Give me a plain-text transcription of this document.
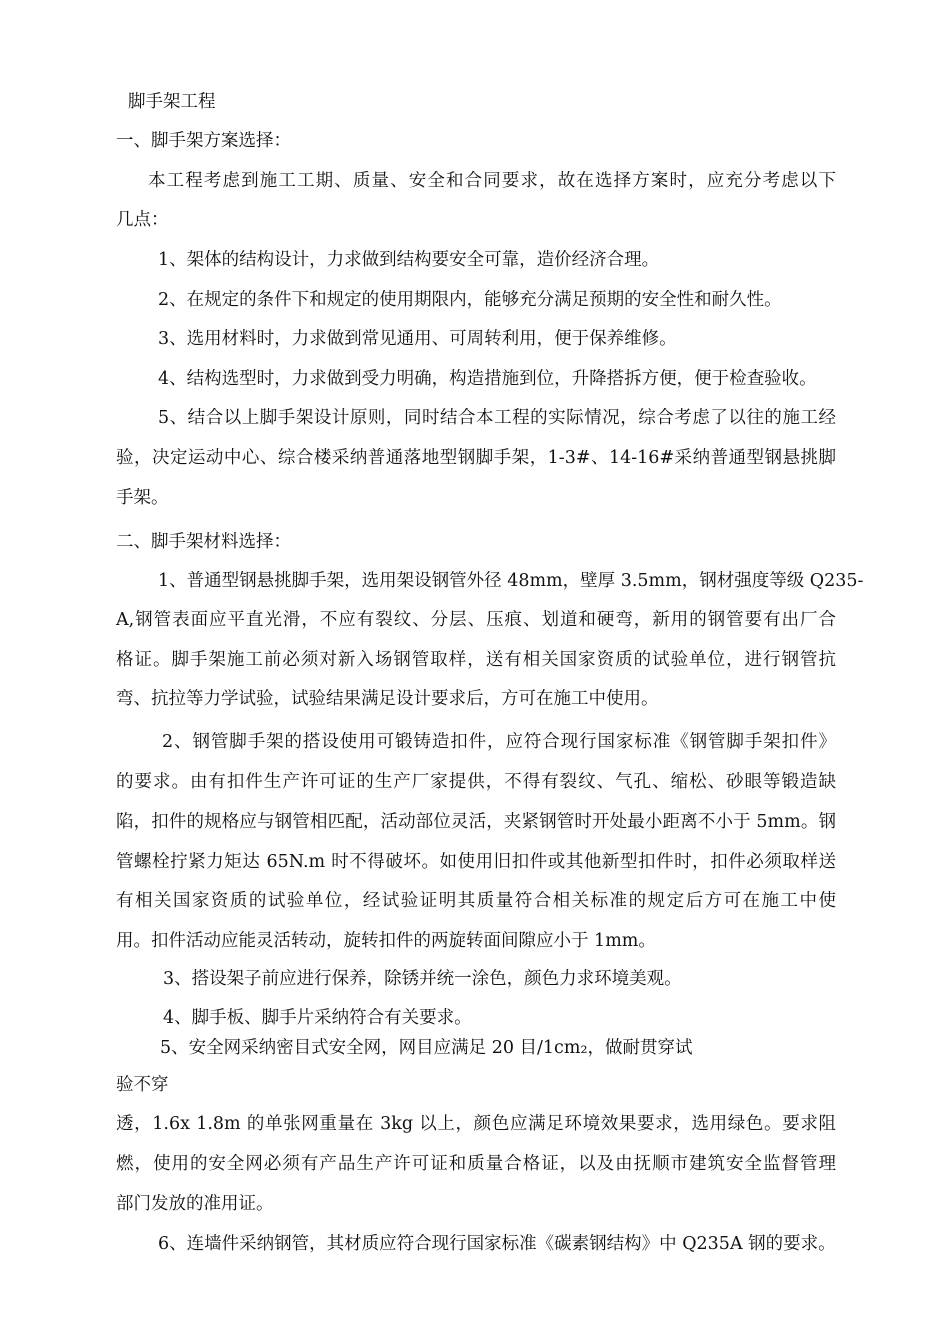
脚手架工程
一、脚手架方案选择：
本工程考虑到施工工期、质量、安全和合同要求，故在选择方案时，应充分考虑以下
几点：
1、架体的结构设计，力求做到结构要安全可靠，造价经济合理。
2、在规定的条件下和规定的使用期限内，能够充分满足预期的安全性和耐久性。
3、选用材料时，力求做到常见通用、可周转利用，便于保养维修。
4、结构选型时，力求做到受力明确，构造措施到位，升降搭拆方便，便于检查验收。
5、结合以上脚手架设计原则，同时结合本工程的实际情况，综合考虑了以往的施工经
验，决定运动中心、综合楼采纳普通落地型钢脚手架，1-3#、14-16#采纳普通型钢悬挑脚
手架。
二、脚手架材料选择：
1、普通型钢悬挑脚手架，选用架设钢管外径 48mm，壁厚 3.5mm，钢材强度等级 Q235-
A,钢管表面应平直光滑，不应有裂纹、分层、压痕、划道和硬弯，新用的钢管要有出厂合
格证。脚手架施工前必须对新入场钢管取样，送有相关国家资质的试验单位，进行钢管抗
弯、抗拉等力学试验，试验结果满足设计要求后，方可在施工中使用。
2、钢管脚手架的搭设使用可锻铸造扣件，应符合现行国家标准《钢管脚手架扣件》
的要求。由有扣件生产许可证的生产厂家提供，不得有裂纹、气孔、缩松、砂眼等锻造缺
陷，扣件的规格应与钢管相匹配，活动部位灵活，夹紧钢管时开处最小距离不小于 5mm。钢
管螺栓拧紧力矩达 65N.m 时不得破坏。如使用旧扣件或其他新型扣件时，扣件必须取样送
有相关国家资质的试验单位，经试验证明其质量符合相关标准的规定后方可在施工中使
用。扣件活动应能灵活转动，旋转扣件的两旋转面间隙应小于 1mm。
3、搭设架子前应进行保养，除锈并统一涂色，颜色力求环境美观。
4、脚手板、脚手片采纳符合有关要求。
5、安全网采纳密目式安全网，网目应满足 20 目/1cm₂，做耐贯穿试
验不穿
透，1.6x 1.8m 的单张网重量在 3kg 以上，颜色应满足环境效果要求，选用绿色。要求阻
燃，使用的安全网必须有产品生产许可证和质量合格证，以及由抚顺市建筑安全监督管理
部门发放的准用证。
6、连墙件采纳钢管，其材质应符合现行国家标准《碳素钢结构》中 Q235A 钢的要求。
